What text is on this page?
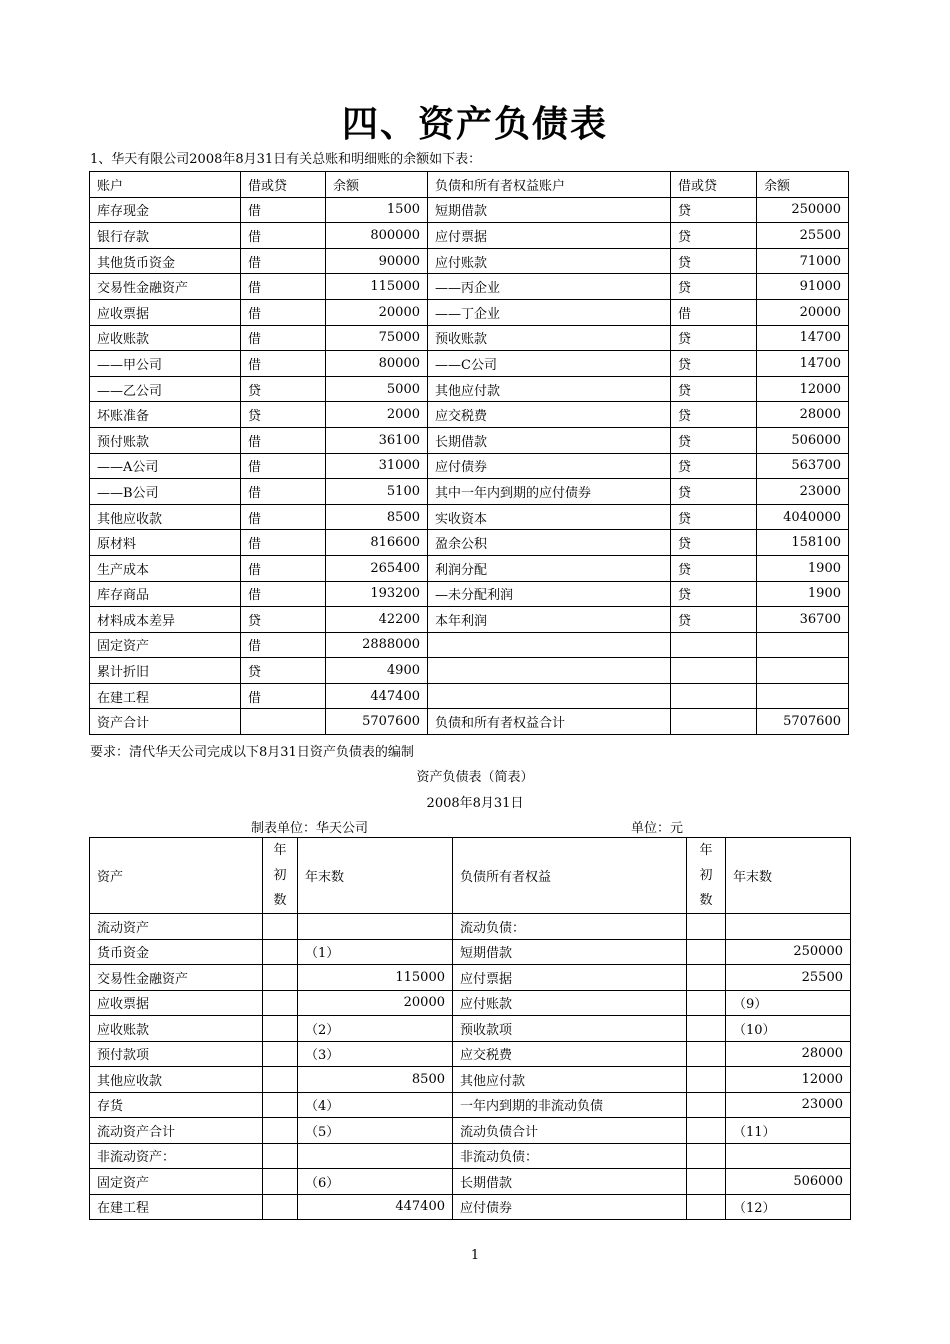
四、资产负债表
1、华天有限公司2008年8月31日有关总账和明细账的余额如下表：
账户	借或贷	余额	负债和所有者权益账户	借或贷	余额
库存现金	借	1500	短期借款	贷	250000
银行存款	借	800000	应付票据	贷	25500
其他货币资金	借	90000	应付账款	贷	71000
交易性金融资产	借	115000	——丙企业	贷	91000
应收票据	借	20000	——丁企业	借	20000
应收账款	借	75000	预收账款	贷	14700
——甲公司	借	80000	——C公司	贷	14700
——乙公司	贷	5000	其他应付款	贷	12000
坏账准备	贷	2000	应交税费	贷	28000
预付账款	借	36100	长期借款	贷	506000
——A公司	借	31000	应付债券	贷	563700
——B公司	借	5100	其中一年内到期的应付债券	贷	23000
其他应收款	借	8500	实收资本	贷	4040000
原材料	借	816600	盈余公积	贷	158100
生产成本	借	265400	利润分配	贷	1900
库存商品	借	193200	—未分配利润	贷	1900
材料成本差异	贷	42200	本年利润	贷	36700
固定资产	借	2888000			
累计折旧	贷	4900			
在建工程	借	447400			
资产合计		5707600	负债和所有者权益合计		5707600
要求：清代华天公司完成以下8月31日资产负债表的编制
资产负债表（简表）
2008年8月31日
制表单位：华天公司	单位：元
资产	年
初
数	年末数	负债所有者权益	年
初
数	年末数
流动资产			流动负债：		
货币资金		（1）	短期借款		250000
交易性金融资产		115000	应付票据		25500
应收票据		20000	应付账款		（9）
应收账款		（2）	预收款项		（10）
预付款项		（3）	应交税费		28000
其他应收款		8500	其他应付款		12000
存货		（4）	一年内到期的非流动负债		23000
流动资产合计		（5）	流动负债合计		（11）
非流动资产：			非流动负债：		
固定资产		（6）	长期借款		506000
在建工程		447400	应付债券		（12）
1
